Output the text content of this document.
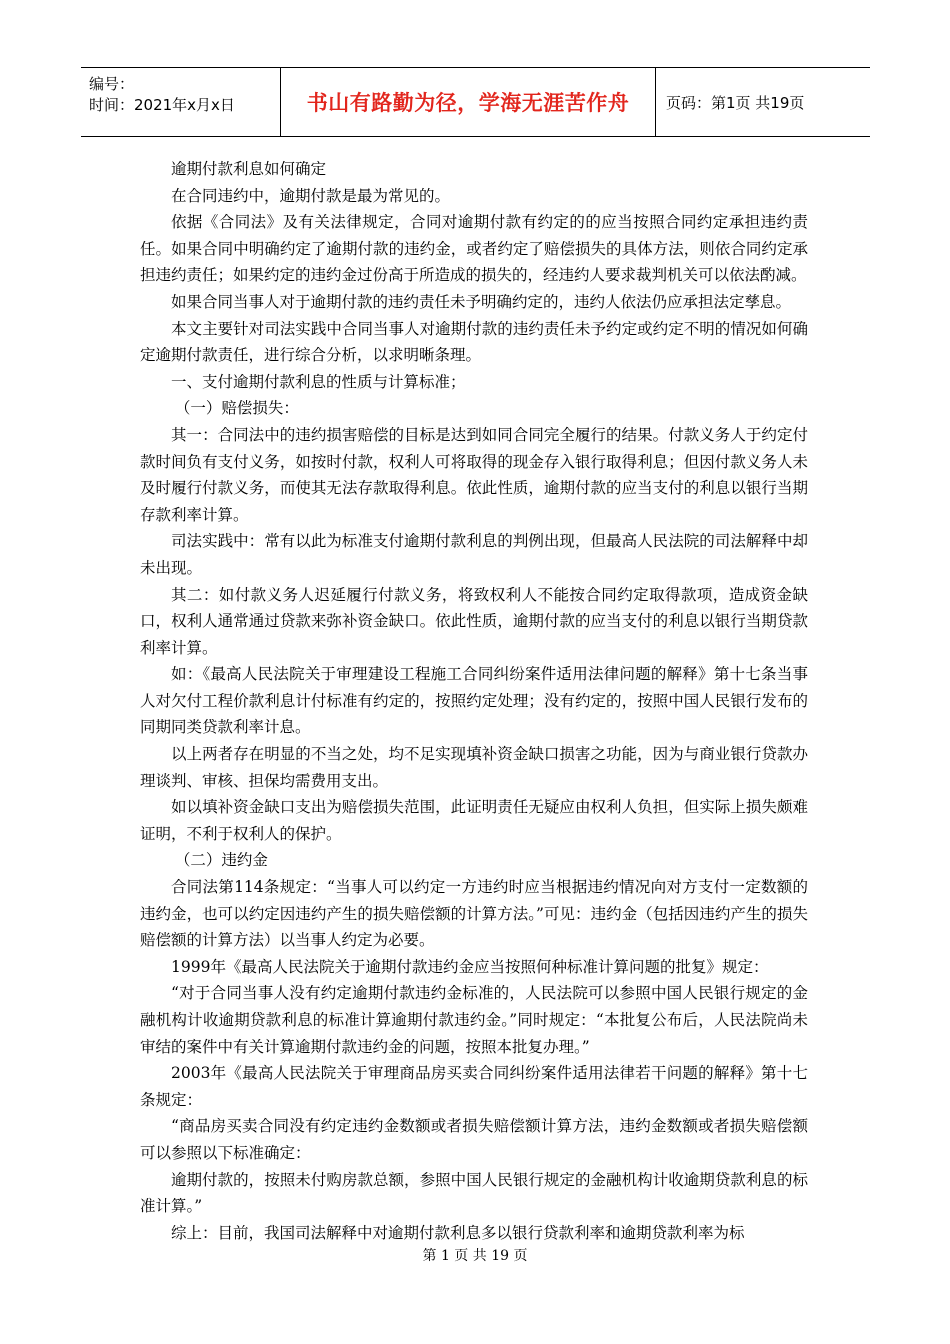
编号：
时间：2021年x月x日	书山有路勤为径，学海无涯苦作舟	页码：第1页 共19页

逾期付款利息如何确定

在合同违约中，逾期付款是最为常见的。

依据《合同法》及有关法律规定，合同对逾期付款有约定的的应当按照合同约定承担违约责任。如果合同中明确约定了逾期付款的违约金，或者约定了赔偿损失的具体方法，则依合同约定承担违约责任；如果约定的违约金过份高于所造成的损失的，经违约人要求裁判机关可以依法酌减。

如果合同当事人对于逾期付款的违约责任未予明确约定的，违约人依法仍应承担法定孳息。

本文主要针对司法实践中合同当事人对逾期付款的违约责任未予约定或约定不明的情况如何确定逾期付款责任，进行综合分析，以求明晰条理。

一、支付逾期付款利息的性质与计算标准；

（一）赔偿损失：

其一：合同法中的违约损害赔偿的目标是达到如同合同完全履行的结果。付款义务人于约定付款时间负有支付义务，如按时付款，权利人可将取得的现金存入银行取得利息；但因付款义务人未及时履行付款义务，而使其无法存款取得利息。依此性质，逾期付款的应当支付的利息以银行当期存款利率计算。

司法实践中：常有以此为标准支付逾期付款利息的判例出现，但最高人民法院的司法解释中却未出现。

其二：如付款义务人迟延履行付款义务，将致权利人不能按合同约定取得款项，造成资金缺口，权利人通常通过贷款来弥补资金缺口。依此性质，逾期付款的应当支付的利息以银行当期贷款利率计算。

如：《最高人民法院关于审理建设工程施工合同纠纷案件适用法律问题的解释》第十七条当事人对欠付工程价款利息计付标准有约定的，按照约定处理；没有约定的，按照中国人民银行发布的同期同类贷款利率计息。

以上两者存在明显的不当之处，均不足实现填补资金缺口损害之功能，因为与商业银行贷款办理谈判、审核、担保均需费用支出。

如以填补资金缺口支出为赔偿损失范围，此证明责任无疑应由权利人负担，但实际上损失颇难证明，不利于权利人的保护。

（二）违约金

合同法第114条规定：“当事人可以约定一方违约时应当根据违约情况向对方支付一定数额的违约金，也可以约定因违约产生的损失赔偿额的计算方法。”可见：违约金（包括因违约产生的损失赔偿额的计算方法）以当事人约定为必要。

1999年《最高人民法院关于逾期付款违约金应当按照何种标准计算问题的批复》规定：

“对于合同当事人没有约定逾期付款违约金标准的，人民法院可以参照中国人民银行规定的金融机构计收逾期贷款利息的标准计算逾期付款违约金。”同时规定：“本批复公布后，人民法院尚未审结的案件中有关计算逾期付款违约金的问题，按照本批复办理。”

2003年《最高人民法院关于审理商品房买卖合同纠纷案件适用法律若干问题的解释》第十七条规定：

“商品房买卖合同没有约定违约金数额或者损失赔偿额计算方法，违约金数额或者损失赔偿额可以参照以下标准确定：

逾期付款的，按照未付购房款总额，参照中国人民银行规定的金融机构计收逾期贷款利息的标准计算。”

综上：目前，我国司法解释中对逾期付款利息多以银行贷款利率和逾期贷款利率为标

第 1 页 共 19 页
